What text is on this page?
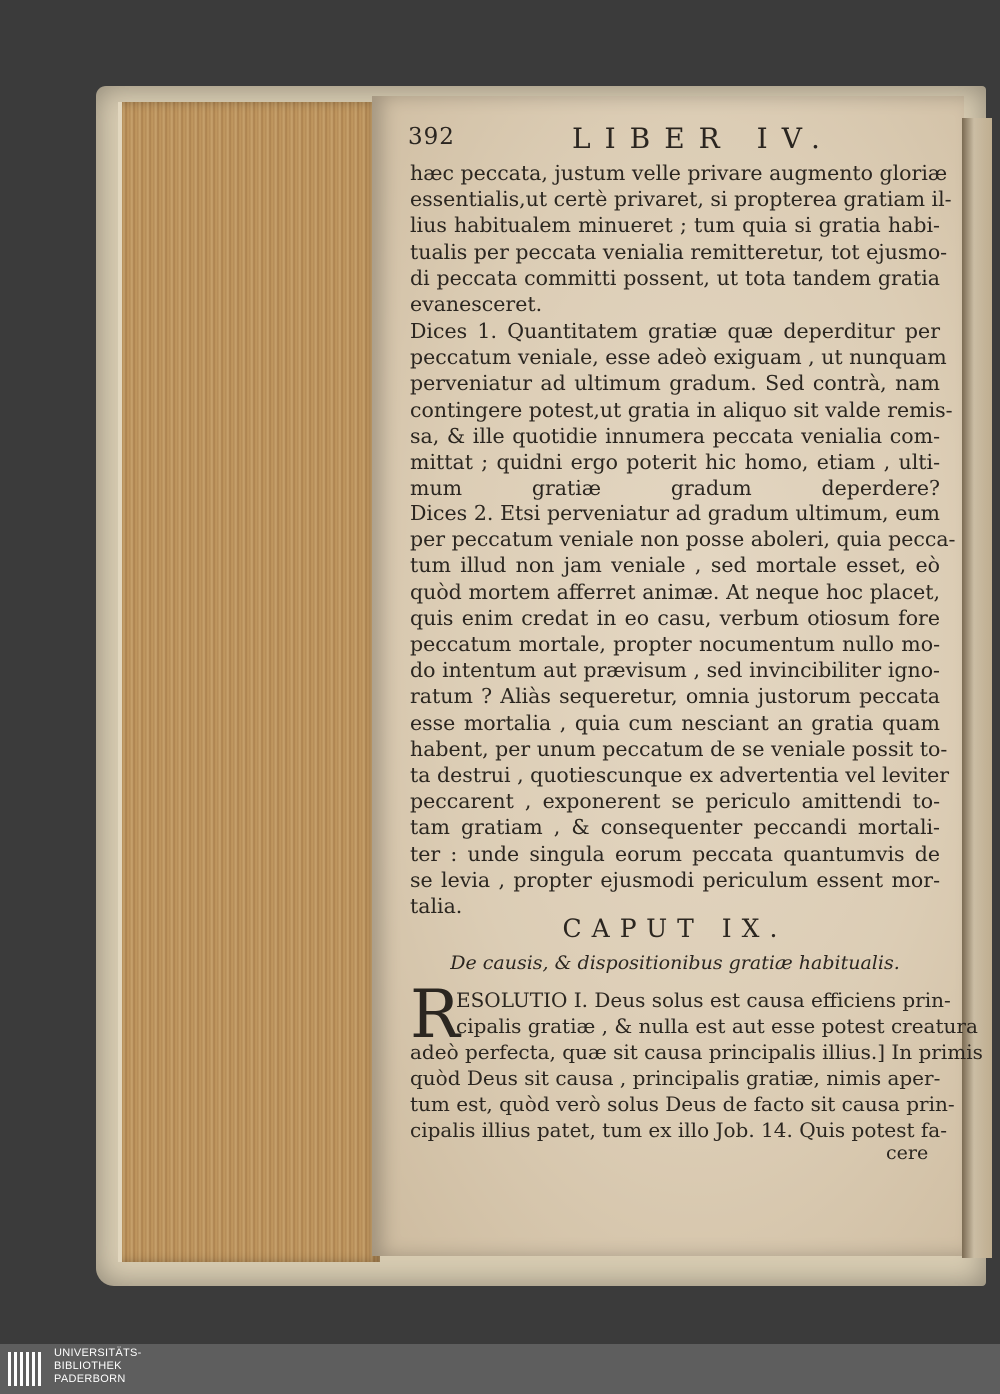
392	LIBER IV.
hæc peccata, justum velle privare augmento gloriæ
essentialis,ut certè privaret, si propterea gratiam il-
lius habitualem minueret ; tum quia si gratia habi-
tualis per peccata venialia remitteretur, tot ejusmo-
di peccata committi possent, ut tota tandem gratia
evanesceret.
Dices 1. Quantitatem gratiæ quæ deperditur per
peccatum veniale, esse adeò exiguam , ut nunquam
perveniatur ad ultimum gradum. Sed contrà, nam
contingere potest,ut gratia in aliquo sit valde remis-
sa, & ille quotidie innumera peccata venialia com-
mittat ; quidni ergo poterit hic homo, etiam , ulti-
mum gratiæ gradum deperdere?
Dices 2. Etsi perveniatur ad gradum ultimum, eum
per peccatum veniale non posse aboleri, quia pecca-
tum illud non jam veniale , sed mortale esset, eò
quòd mortem afferret animæ. At neque hoc placet,
quis enim credat in eo casu, verbum otiosum fore
peccatum mortale, propter nocumentum nullo mo-
do intentum aut prævisum , sed invincibiliter igno-
ratum ? Aliàs sequeretur, omnia justorum peccata
esse mortalia , quia cum nesciant an gratia quam
habent, per unum peccatum de se veniale possit to-
ta destrui , quotiescunque ex advertentia vel leviter
peccarent , exponerent se periculo amittendi to-
tam gratiam , & consequenter peccandi mortali-
ter : unde singula eorum peccata quantumvis de
se levia , propter ejusmodi periculum essent mor-
talia.
CAPUT IX.
De causis, & dispositionibus gratiæ habitualis.
R
ESOLUTIO I. Deus solus est causa efficiens prin-
cipalis gratiæ , & nulla est aut esse potest creatura
adeò perfecta, quæ sit causa principalis illius.] In primis
quòd Deus sit causa , principalis gratiæ, nimis aper-
tum est, quòd verò solus Deus de facto sit causa prin-
cipalis illius patet, tum ex illo Job. 14. Quis potest fa-
cere
UNIVERSITÄTS-
BIBLIOTHEK
PADERBORN
